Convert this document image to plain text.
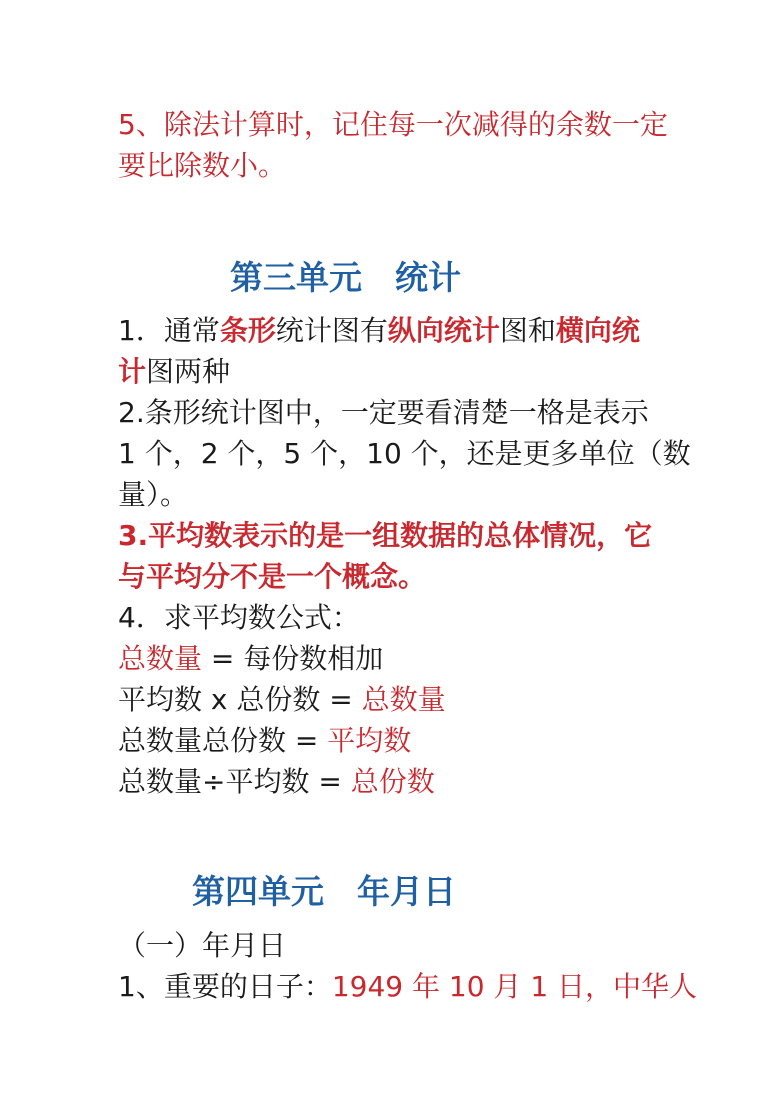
5、除法计算时，记住每一次减得的余数一定
要比除数小。
第三单元　统计
1．通常条形统计图有纵向统计图和横向统
计图两种
2.条形统计图中，一定要看清楚一格是表示
1 个，2 个，5 个，10 个，还是更多单位（数
量）。
3.平均数表示的是一组数据的总体情况，它
与平均分不是一个概念。
4．求平均数公式：
总数量 = 每份数相加
平均数 x 总份数 = 总数量
总数量总份数 = 平均数
总数量÷平均数 = 总份数
第四单元　年月日
（一）年月日
1、重要的日子：1949 年 10 月 1 日，中华人
